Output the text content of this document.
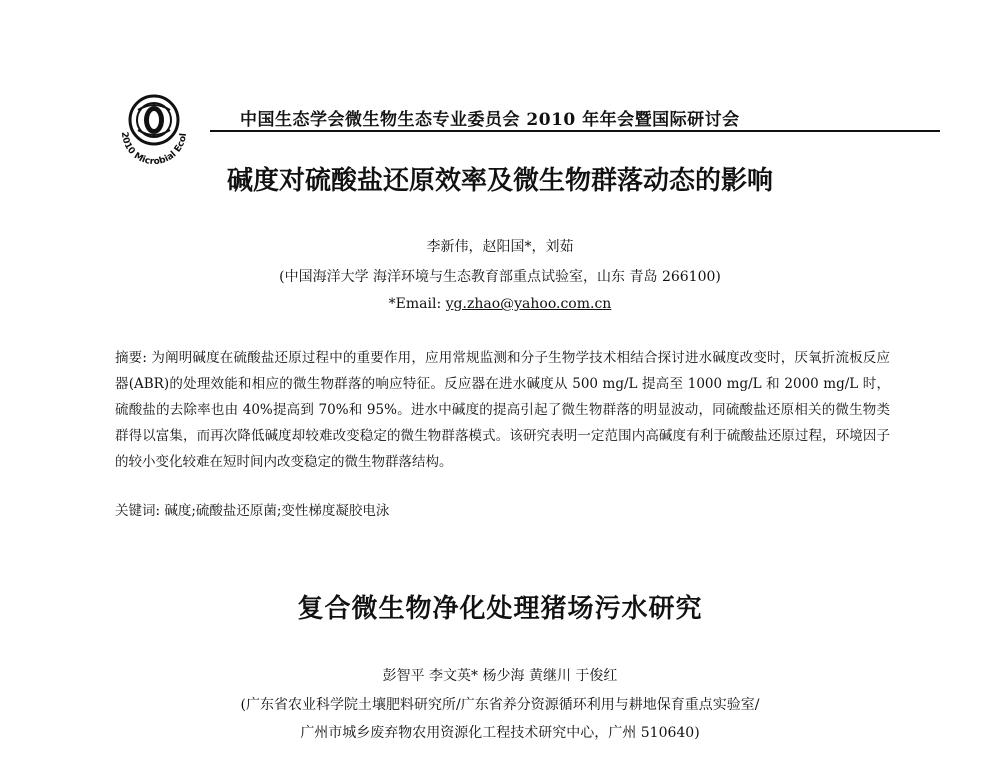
2010 Microbial Ecol
中国生态学会微生物生态专业委员会 2010 年年会暨国际研讨会
碱度对硫酸盐还原效率及微生物群落动态的影响
李新伟，赵阳国*，刘茹
(中国海洋大学 海洋环境与生态教育部重点试验室，山东 青岛 266100)
*Email: yg.zhao@yahoo.com.cn

摘要: 为阐明碱度在硫酸盐还原过程中的重要作用，应用常规监测和分子生物学技术相结合探讨进水碱度改变时，厌氧折流板反应器(ABR)的处理效能和相应的微生物群落的响应特征。反应器在进水碱度从 500 mg/L 提高至 1000 mg/L 和 2000 mg/L 时，硫酸盐的去除率也由 40%提高到 70%和 95%。进水中碱度的提高引起了微生物群落的明显波动，同硫酸盐还原相关的微生物类群得以富集，而再次降低碱度却较难改变稳定的微生物群落模式。该研究表明一定范围内高碱度有利于硫酸盐还原过程，环境因子的较小变化较难在短时间内改变稳定的微生物群落结构。

关键词: 碱度;硫酸盐还原菌;变性梯度凝胶电泳
复合微生物净化处理猪场污水研究
彭智平 李文英* 杨少海 黄继川 于俊红
(广东省农业科学院土壤肥料研究所/广东省养分资源循环利用与耕地保育重点实验室/
广州市城乡废弃物农用资源化工程技术研究中心，广州 510640)
